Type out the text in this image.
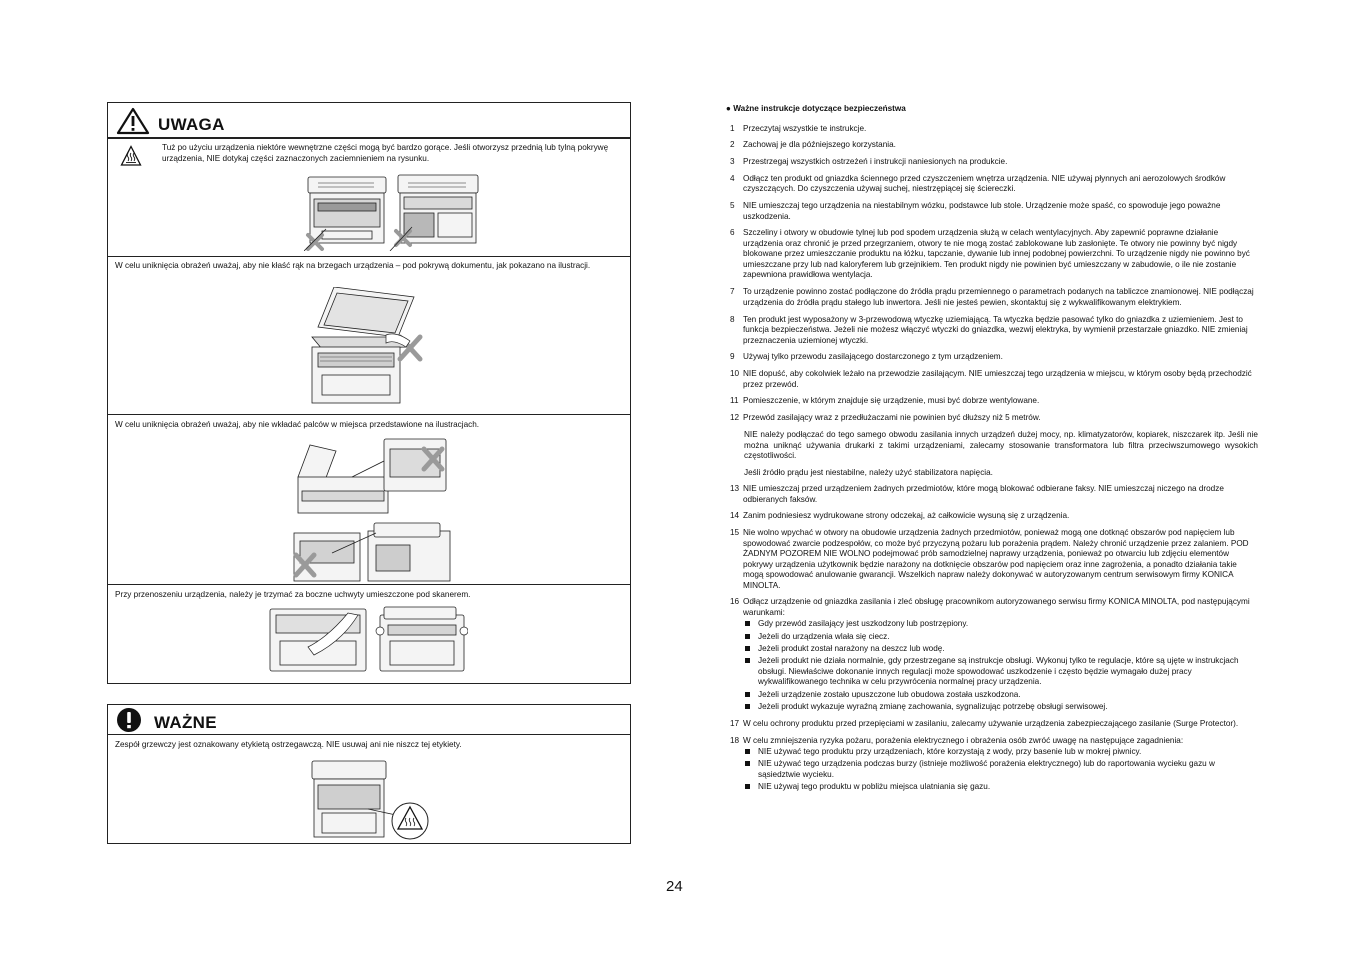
UWAGA

Tuż po użyciu urządzenia niektóre wewnętrzne części mogą być bardzo gorące. Jeśli otworzysz przednią lub tylną pokrywę urządzenia, NIE dotykaj części zaznaczonych zaciemnieniem na rysunku.

W celu uniknięcia obrażeń uważaj, aby nie kłaść rąk na brzegach urządzenia – pod pokrywą dokumentu, jak pokazano na ilustracji.

W celu uniknięcia obrażeń uważaj, aby nie wkładać palców w miejsca przedstawione na ilustracjach.

Przy przenoszeniu urządzenia, należy je trzymać za boczne uchwyty umieszczone pod skanerem.

WAŻNE

Zespół grzewczy jest oznakowany etykietą ostrzegawczą. NIE usuwaj ani nie niszcz tej etykiety.

● Ważne instrukcje dotyczące bezpieczeństwa
1 Przeczytaj wszystkie te instrukcje.
2 Zachowaj je dla późniejszego korzystania.
3 Przestrzegaj wszystkich ostrzeżeń i instrukcji naniesionych na produkcie.
4 Odłącz ten produkt od gniazdka ściennego przed czyszczeniem wnętrza urządzenia. NIE używaj płynnych ani aerozolowych środków czyszczących. Do czyszczenia używaj suchej, niestrzępiącej się ściereczki.
5 NIE umieszczaj tego urządzenia na niestabilnym wózku, podstawce lub stole. Urządzenie może spaść, co spowoduje jego poważne uszkodzenia.
6 Szczeliny i otwory w obudowie tylnej lub pod spodem urządzenia służą w celach wentylacyjnych. Aby zapewnić poprawne działanie urządzenia oraz chronić je przed przegrzaniem, otwory te nie mogą zostać zablokowane lub zasłonięte. Te otwory nie powinny być nigdy blokowane przez umieszczanie produktu na łóżku, tapczanie, dywanie lub innej podobnej powierzchni. To urządzenie nigdy nie powinno być umieszczane przy lub nad kaloryferem lub grzejnikiem. Ten produkt nigdy nie powinien być umieszczany w zabudowie, o ile nie zostanie zapewniona prawidłowa wentylacja.
7 To urządzenie powinno zostać podłączone do źródła prądu przemiennego o parametrach podanych na tabliczce znamionowej. NIE podłączaj urządzenia do źródła prądu stałego lub inwertora. Jeśli nie jesteś pewien, skontaktuj się z wykwalifikowanym elektrykiem.
8 Ten produkt jest wyposażony w 3-przewodową wtyczkę uziemiającą. Ta wtyczka będzie pasować tylko do gniazdka z uziemieniem. Jest to funkcja bezpieczeństwa. Jeżeli nie możesz włączyć wtyczki do gniazdka, wezwij elektryka, by wymienił przestarzałe gniazdko. NIE zmieniaj przeznaczenia uziemionej wtyczki.
9 Używaj tylko przewodu zasilającego dostarczonego z tym urządzeniem.
10 NIE dopuść, aby cokolwiek leżało na przewodzie zasilającym. NIE umieszczaj tego urządzenia w miejscu, w którym osoby będą przechodzić przez przewód.
11 Pomieszczenie, w którym znajduje się urządzenie, musi być dobrze wentylowane.
12 Przewód zasilający wraz z przedłużaczami nie powinien być dłuższy niż 5 metrów.
NIE należy podłączać do tego samego obwodu zasilania innych urządzeń dużej mocy, np. klimatyzatorów, kopiarek, niszczarek itp. Jeśli nie można uniknąć używania drukarki z takimi urządzeniami, zalecamy stosowanie transformatora lub filtra przeciwszumowego wysokich częstotliwości.
Jeśli źródło prądu jest niestabilne, należy użyć stabilizatora napięcia.
13 NIE umieszczaj przed urządzeniem żadnych przedmiotów, które mogą blokować odbierane faksy. NIE umieszczaj niczego na drodze odbieranych faksów.
14 Zanim podniesiesz wydrukowane strony odczekaj, aż całkowicie wysuną się z urządzenia.
15 Nie wolno wpychać w otwory na obudowie urządzenia żadnych przedmiotów, ponieważ mogą one dotknąć obszarów pod napięciem lub spowodować zwarcie podzespołów, co może być przyczyną pożaru lub porażenia prądem. Należy chronić urządzenie przez zalaniem. POD ŻADNYM POZOREM NIE WOLNO podejmować prób samodzielnej naprawy urządzenia, ponieważ po otwarciu lub zdjęciu elementów pokrywy urządzenia użytkownik będzie narażony na dotknięcie obszarów pod napięciem oraz inne zagrożenia, a ponadto działania takie mogą spowodować anulowanie gwarancji. Wszelkich napraw należy dokonywać w autoryzowanym centrum serwisowym firmy KONICA MINOLTA.
16 Odłącz urządzenie od gniazdka zasilania i zleć obsługę pracownikom autoryzowanego serwisu firmy KONICA MINOLTA, pod następującymi warunkami:
Gdy przewód zasilający jest uszkodzony lub postrzępiony.
Jeżeli do urządzenia wlała się ciecz.
Jeżeli produkt został narażony na deszcz lub wodę.
Jeżeli produkt nie działa normalnie, gdy przestrzegane są instrukcje obsługi. Wykonuj tylko te regulacje, które są ujęte w instrukcjach obsługi. Niewłaściwe dokonanie innych regulacji może spowodować uszkodzenie i często będzie wymagało dużej pracy wykwalifikowanego technika w celu przywrócenia normalnej pracy urządzenia.
Jeżeli urządzenie zostało upuszczone lub obudowa została uszkodzona.
Jeżeli produkt wykazuje wyraźną zmianę zachowania, sygnalizując potrzebę obsługi serwisowej.
17 W celu ochrony produktu przed przepięciami w zasilaniu, zalecamy używanie urządzenia zabezpieczającego zasilanie (Surge Protector).
18 W celu zmniejszenia ryzyka pożaru, porażenia elektrycznego i obrażenia osób zwróć uwagę na następujące zagadnienia:
NIE używać tego produktu przy urządzeniach, które korzystają z wody, przy basenie lub w mokrej piwnicy.
NIE używać tego urządzenia podczas burzy (istnieje możliwość porażenia elektrycznego) lub do raportowania wycieku gazu w sąsiedztwie wycieku.
NIE używaj tego produktu w pobliżu miejsca ulatniania się gazu.
24
